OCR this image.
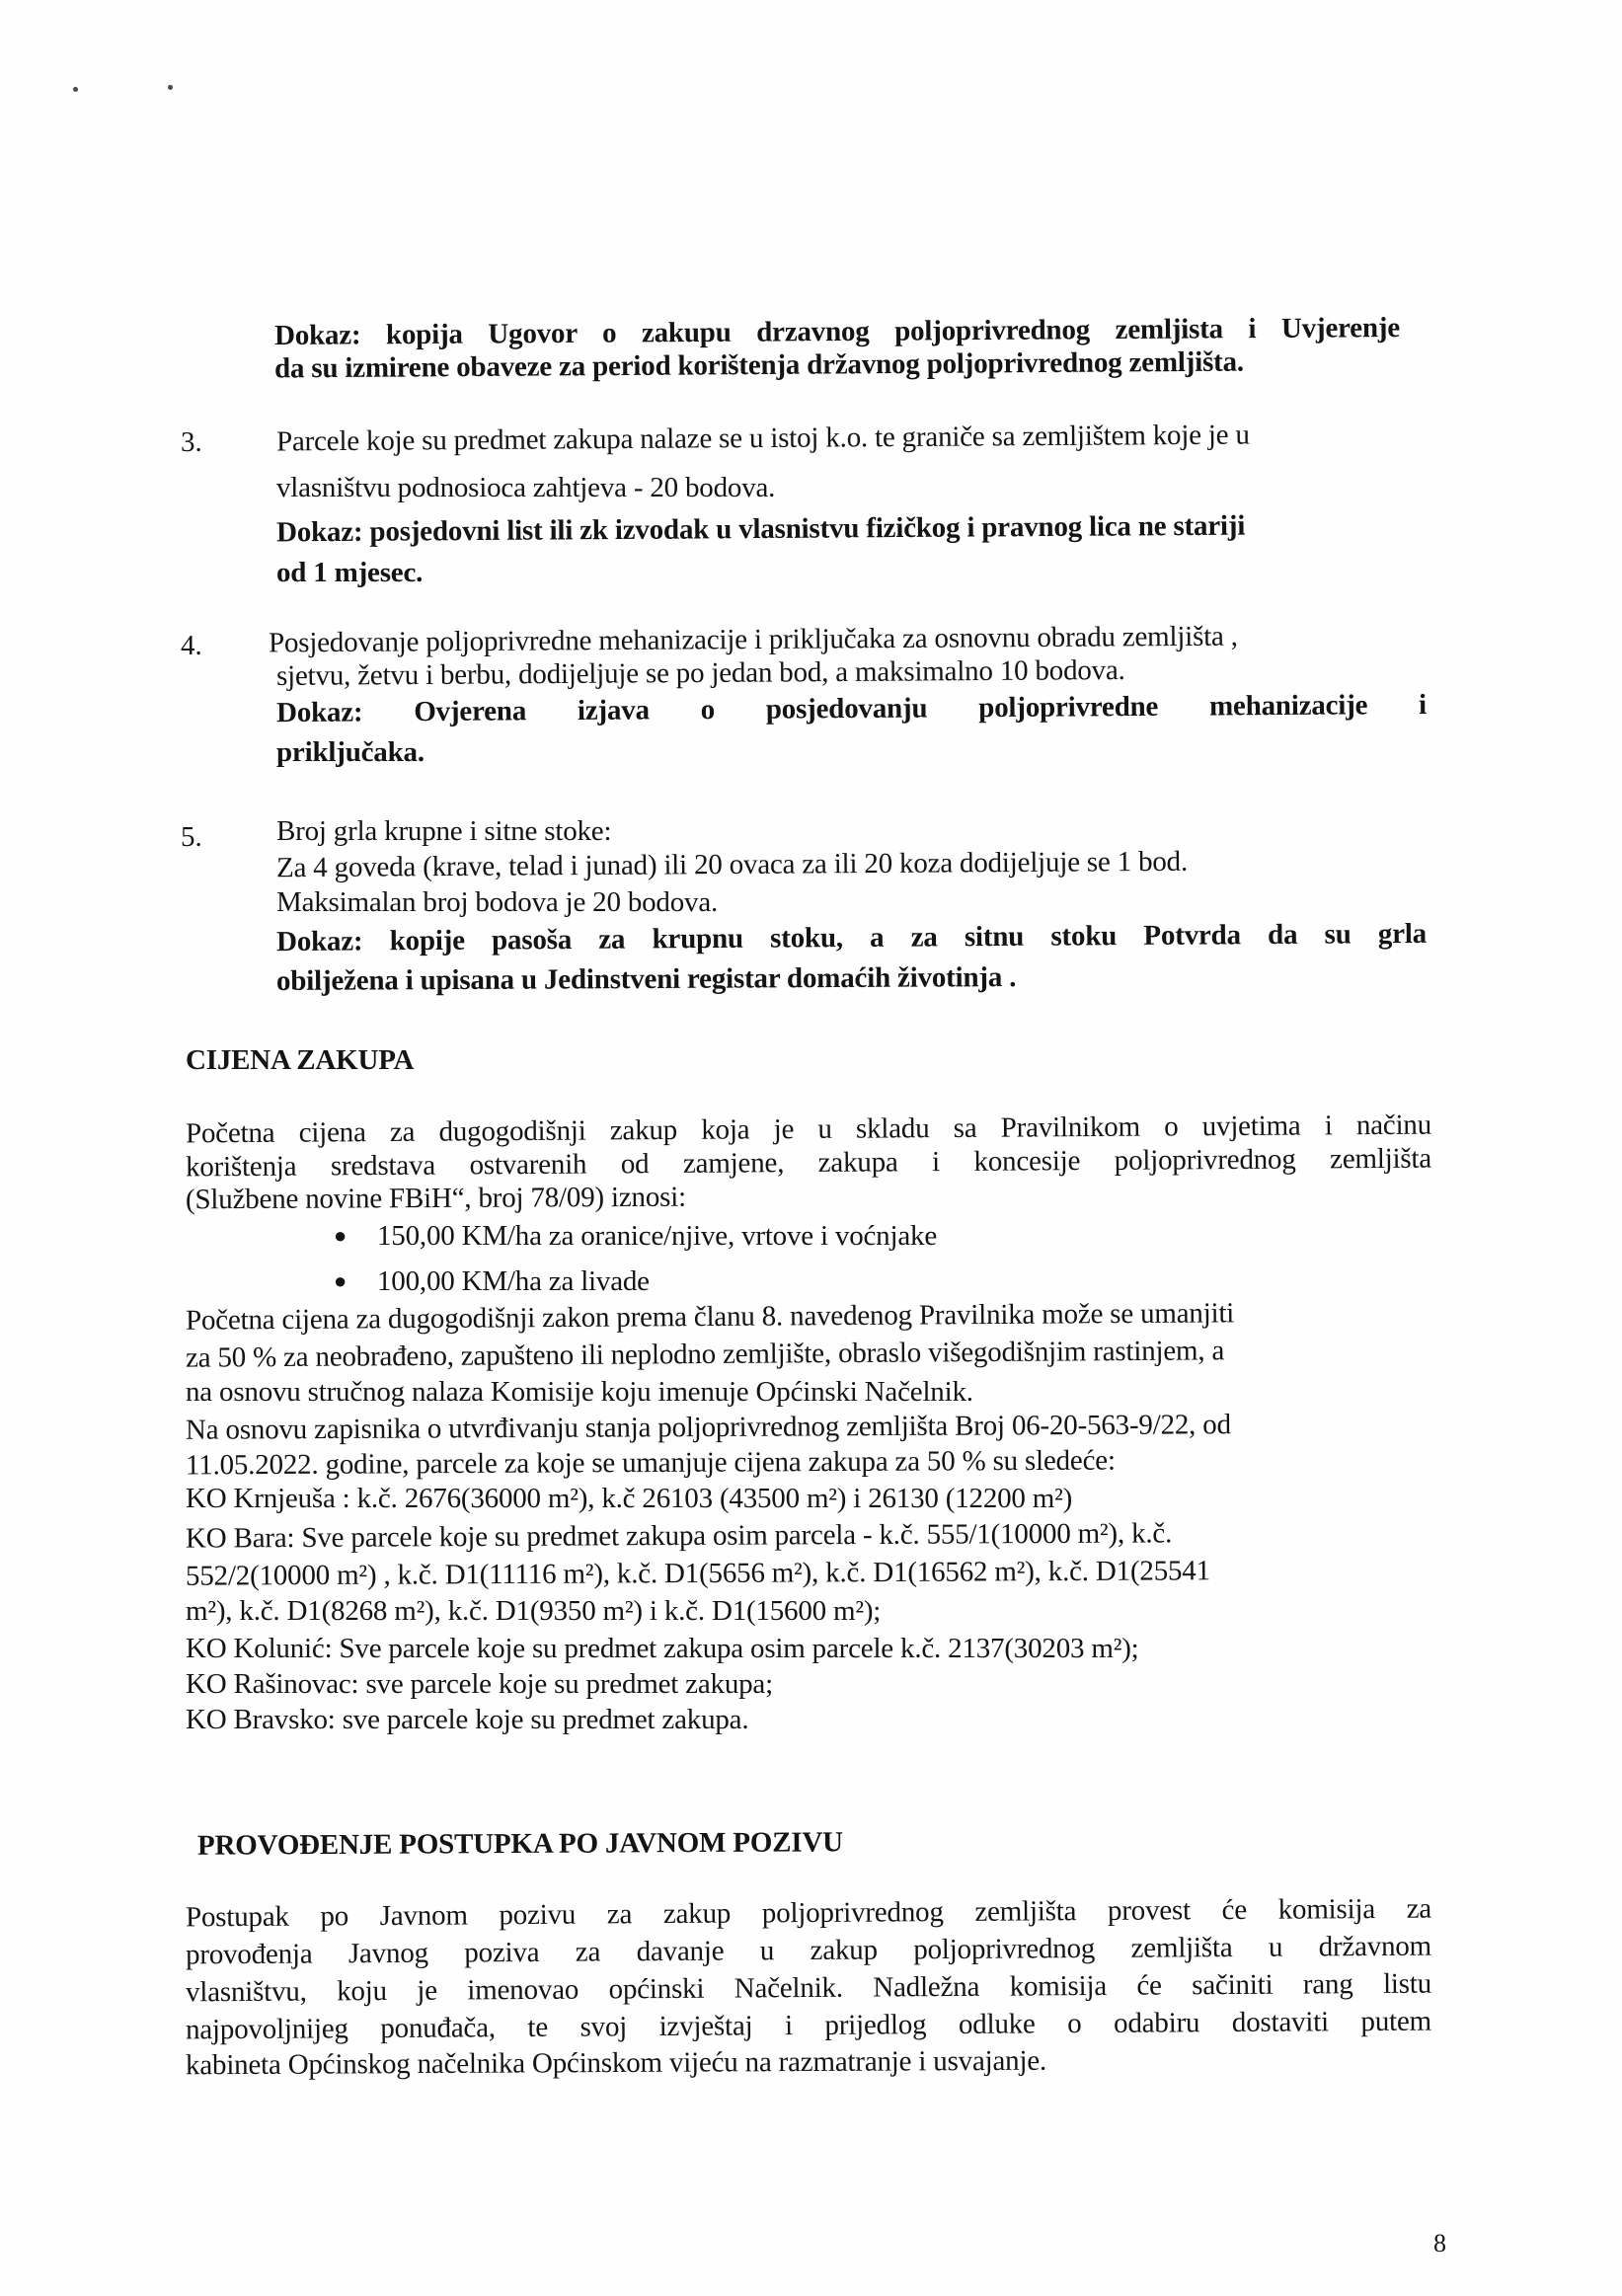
Dokaz: kopija Ugovor o zakupu drzavnog poljoprivrednog zemljista i Uvjerenje
da su izmirene obaveze za period korištenja državnog poljoprivrednog zemljišta.
3.	Parcele koje su predmet zakupa nalaze se u istoj k.o. te graniče sa zemljištem koje je u
vlasništvu podnosioca zahtjeva - 20 bodova.
Dokaz: posjedovni list ili zk izvodak u vlasnistvu fizičkog i pravnog lica ne stariji
od 1 mjesec.
4. Posjedovanje poljoprivredne mehanizacije i priključaka za osnovnu obradu zemljišta ,
sjetvu, žetvu i berbu, dodijeljuje se po jedan bod, a maksimalno 10 bodova.
Dokaz: Ovjerena izjava o posjedovanju poljoprivredne mehanizacije i
priključaka.
5.	Broj grla krupne i sitne stoke:
Za 4 goveda (krave, telad i junad) ili 20 ovaca za ili 20 koza dodijeljuje se 1 bod.
Maksimalan broj bodova je 20 bodova.
Dokaz: kopije pasoša za krupnu stoku, a za sitnu stoku Potvrda da su grla
obilježena i upisana u Jedinstveni registar domaćih životinja .
CIJENA ZAKUPA
Početna cijena za dugogodišnji zakup koja je u skladu sa Pravilnikom o uvjetima i načinu
korištenja sredstava ostvarenih od zamjene, zakupa i koncesije poljoprivrednog zemljišta
(Službene novine FBiH“, broj 78/09) iznosi:
● 150,00 KM/ha za oranice/njive, vrtove i voćnjake
● 100,00 KM/ha za livade
Početna cijena za dugogodišnji zakon prema članu 8. navedenog Pravilnika može se umanjiti
za 50 % za neobrađeno, zapušteno ili neplodno zemljište, obraslo višegodišnjim rastinjem, a
na osnovu stručnog nalaza Komisije koju imenuje Općinski Načelnik.
Na osnovu zapisnika o utvrđivanju stanja poljoprivrednog zemljišta Broj 06-20-563-9/22, od
11.05.2022. godine, parcele za koje se umanjuje cijena zakupa za 50 % su sledeće:
KO Krnjeuša : k.č. 2676(36000 m²), k.č 26103 (43500 m²) i 26130 (12200 m²)
KO Bara: Sve parcele koje su predmet zakupa osim parcela - k.č. 555/1(10000 m²), k.č.
552/2(10000 m²) , k.č. D1(11116 m²), k.č. D1(5656 m²), k.č. D1(16562 m²), k.č. D1(25541
m²), k.č. D1(8268 m²), k.č. D1(9350 m²) i k.č. D1(15600 m²);
KO Kolunić: Sve parcele koje su predmet zakupa osim parcele k.č. 2137(30203 m²);
KO Rašinovac: sve parcele koje su predmet zakupa;
KO Bravsko: sve parcele koje su predmet zakupa.
PROVOĐENJE POSTUPKA PO JAVNOM POZIVU
Postupak po Javnom pozivu za zakup poljoprivrednog zemljišta provest će komisija za
provođenja Javnog poziva za davanje u zakup poljoprivrednog zemljišta u državnom
vlasništvu, koju je imenovao općinski Načelnik. Nadležna komisija će sačiniti rang listu
najpovoljnijeg ponuđača, te svoj izvještaj i prijedlog odluke o odabiru dostaviti putem
kabineta Općinskog načelnika Općinskom vijeću na razmatranje i usvajanje.
8
